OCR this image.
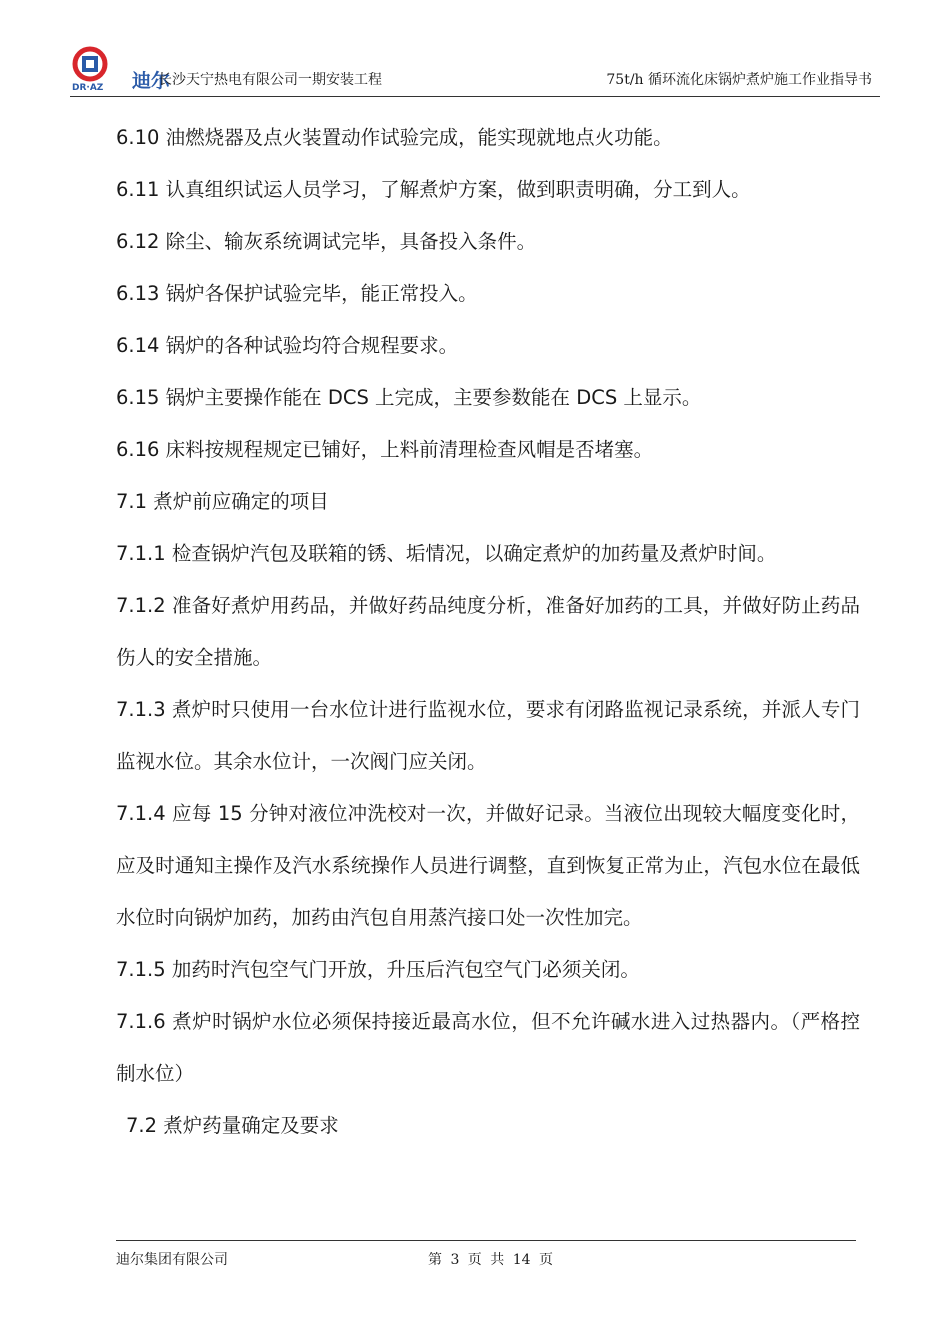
DR·AZ 迪尔
长沙天宁热电有限公司一期安装工程	75t/h 循环流化床锅炉煮炉施工作业指导书

6.10 油燃烧器及点火装置动作试验完成，能实现就地点火功能。

6.11 认真组织试运人员学习，了解煮炉方案，做到职责明确，分工到人。

6.12 除尘、输灰系统调试完毕，具备投入条件。

6.13 锅炉各保护试验完毕，能正常投入。

6.14 锅炉的各种试验均符合规程要求。

6.15 锅炉主要操作能在 DCS 上完成，主要参数能在 DCS 上显示。

6.16 床料按规程规定已铺好，上料前清理检查风帽是否堵塞。

7.1 煮炉前应确定的项目

7.1.1 检查锅炉汽包及联箱的锈、垢情况，以确定煮炉的加药量及煮炉时间。

7.1.2 准备好煮炉用药品，并做好药品纯度分析，准备好加药的工具，并做好防止药品伤人的安全措施。

7.1.3 煮炉时只使用一台水位计进行监视水位，要求有闭路监视记录系统，并派人专门监视水位。其余水位计，一次阀门应关闭。

7.1.4 应每 15 分钟对液位冲洗校对一次，并做好记录。当液位出现较大幅度变化时，应及时通知主操作及汽水系统操作人员进行调整，直到恢复正常为止，汽包水位在最低水位时向锅炉加药，加药由汽包自用蒸汽接口处一次性加完。

7.1.5 加药时汽包空气门开放，升压后汽包空气门必须关闭。

7.1.6 煮炉时锅炉水位必须保持接近最高水位，但不允许碱水进入过热器内。（严格控制水位）

7.2 煮炉药量确定及要求

迪尔集团有限公司	第 3 页 共 14 页
